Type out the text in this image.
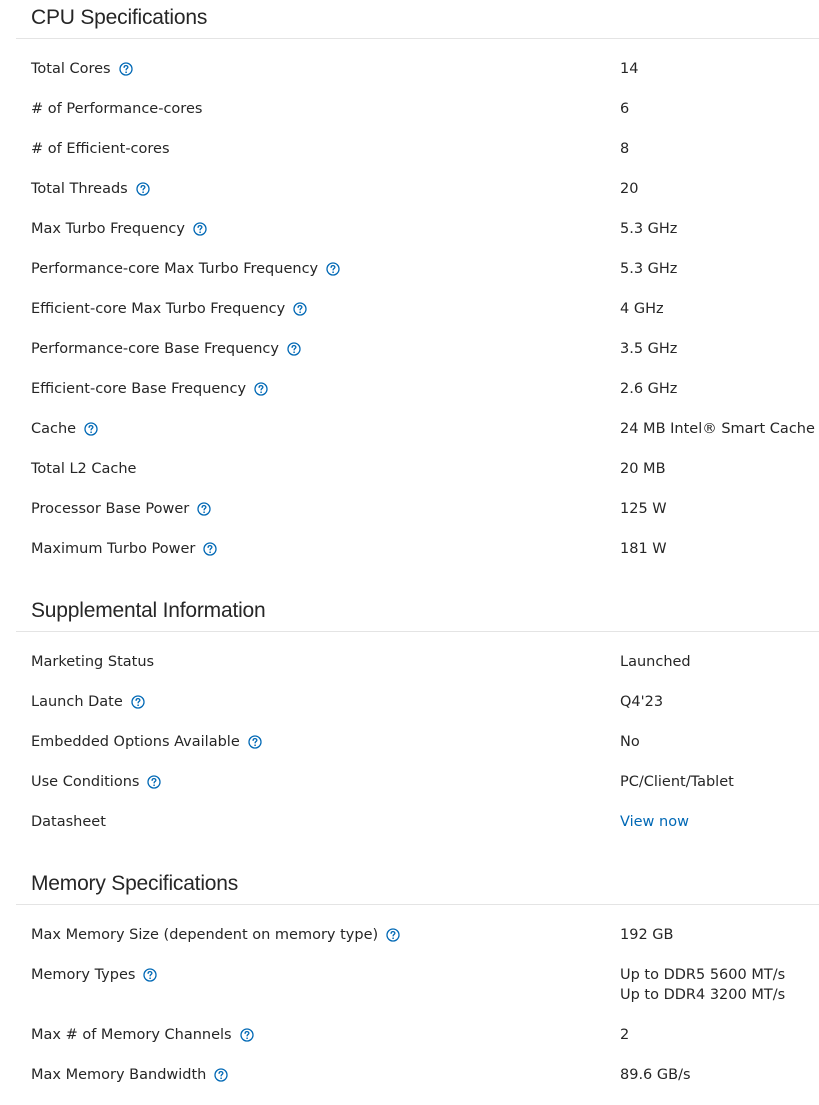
CPU Specifications
Total Cores	14
# of Performance-cores	6
# of Efficient-cores	8
Total Threads	20
Max Turbo Frequency	5.3 GHz
Performance-core Max Turbo Frequency	5.3 GHz
Efficient-core Max Turbo Frequency	4 GHz
Performance-core Base Frequency	3.5 GHz
Efficient-core Base Frequency	2.6 GHz
Cache	24 MB Intel® Smart Cache
Total L2 Cache	20 MB
Processor Base Power	125 W
Maximum Turbo Power	181 W
Supplemental Information
Marketing Status	Launched
Launch Date	Q4'23
Embedded Options Available	No
Use Conditions	PC/Client/Tablet
Datasheet	View now
Memory Specifications
Max Memory Size (dependent on memory type)	192 GB
Memory Types	Up to DDR5 5600 MT/s
Up to DDR4 3200 MT/s
Max # of Memory Channels	2
Max Memory Bandwidth	89.6 GB/s
